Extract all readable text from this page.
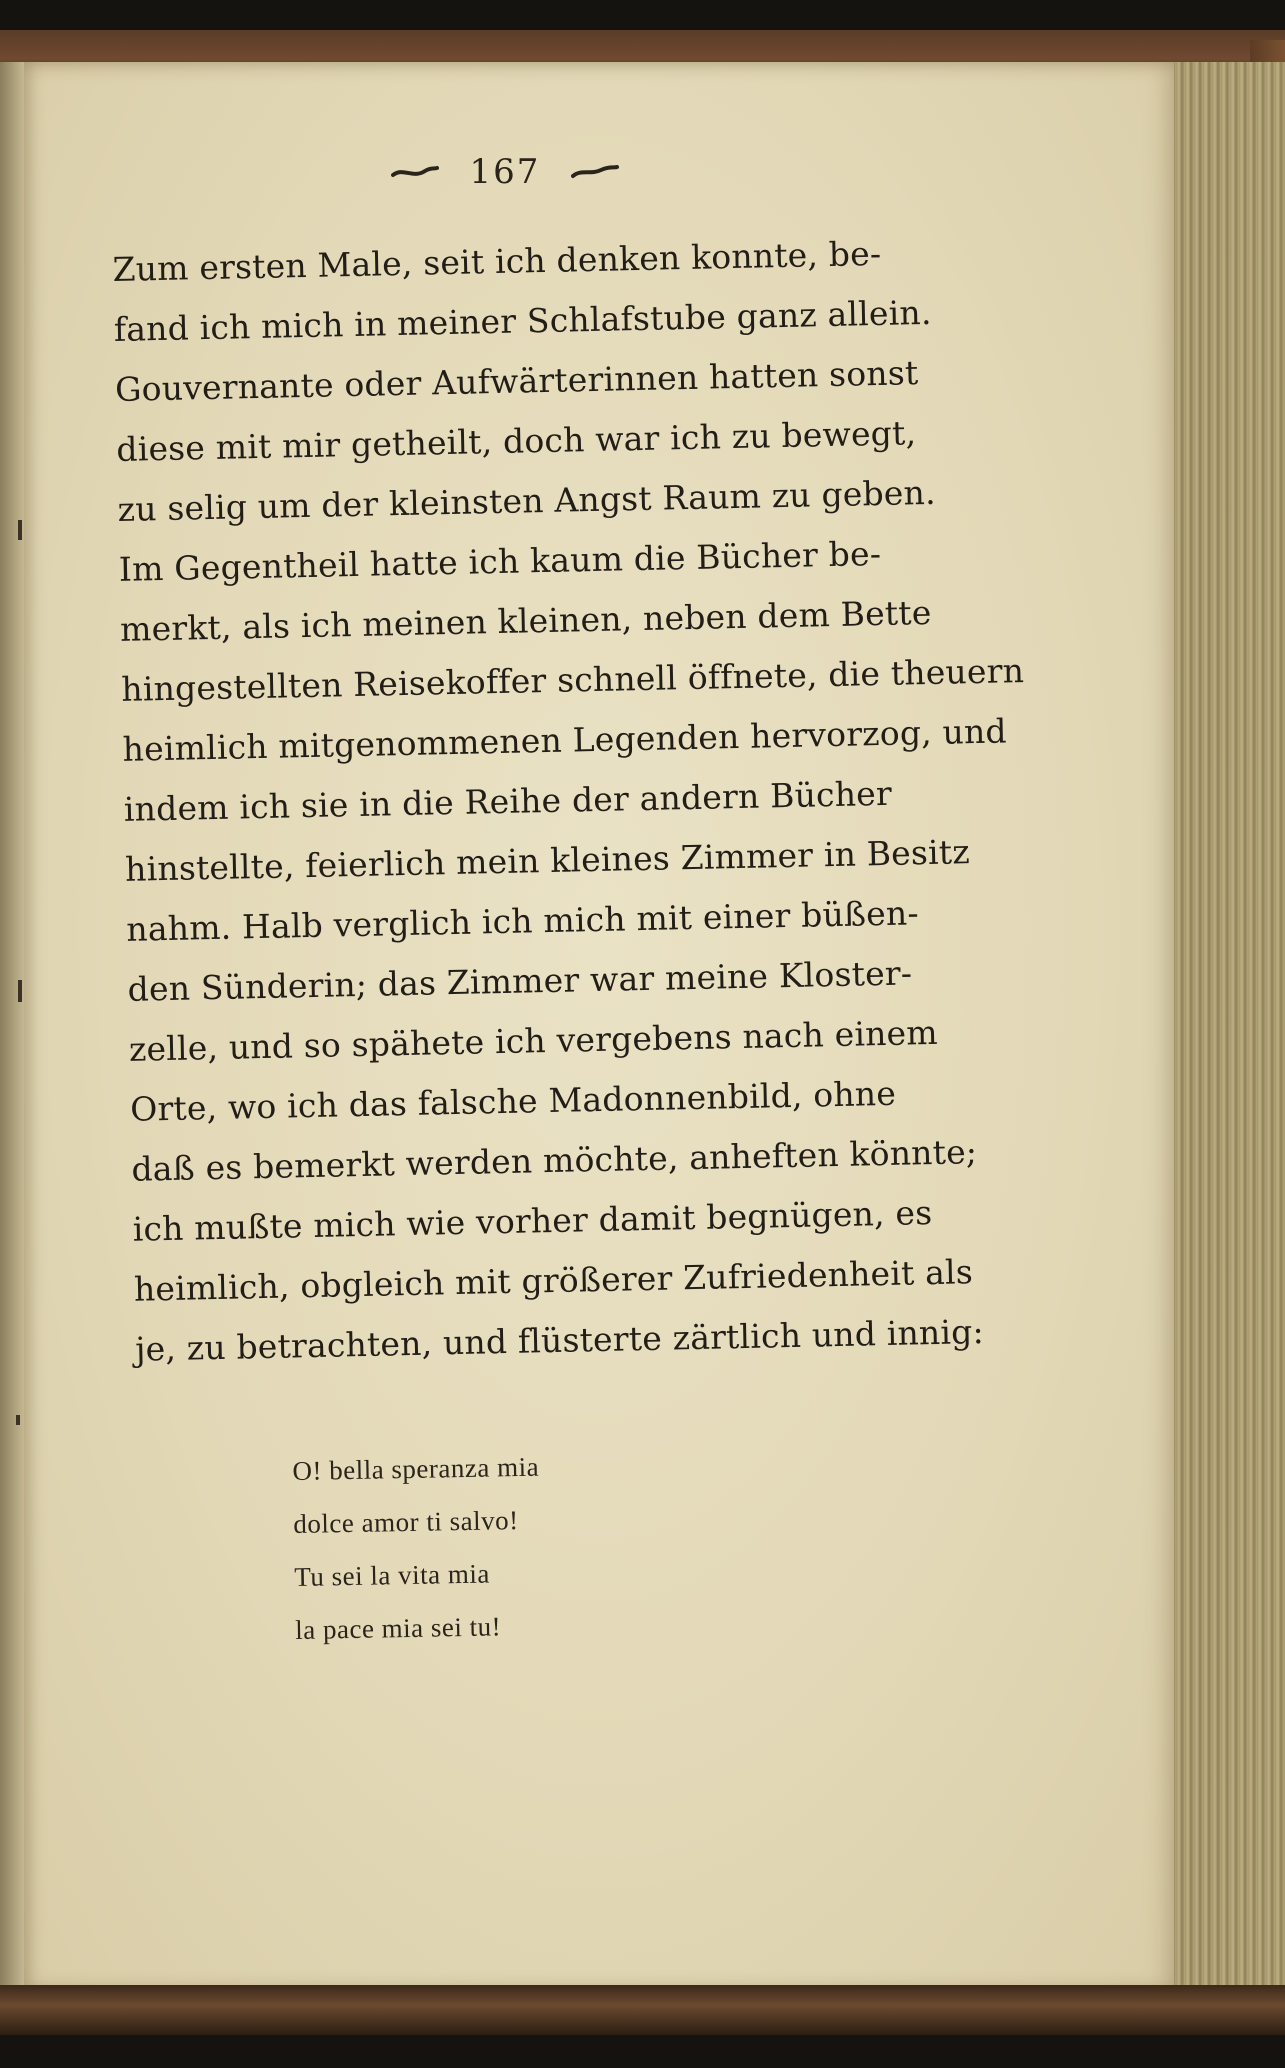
167
Zum ersten Male, seit ich denken konnte, be-
fand ich mich in meiner Schlafstube ganz allein.
Gouvernante oder Aufwärterinnen hatten sonst
diese mit mir getheilt, doch war ich zu bewegt,
zu selig um der kleinsten Angst Raum zu geben.
Im Gegentheil hatte ich kaum die Bücher be-
merkt, als ich meinen kleinen, neben dem Bette
hingestellten Reisekoffer schnell öffnete, die theuern
heimlich mitgenommenen Legenden hervorzog, und
indem ich sie in die Reihe der andern Bücher
hinstellte, feierlich mein kleines Zimmer in Besitz
nahm. Halb verglich ich mich mit einer büßen-
den Sünderin; das Zimmer war meine Kloster-
zelle, und so spähete ich vergebens nach einem
Orte, wo ich das falsche Madonnenbild, ohne
daß es bemerkt werden möchte, anheften könnte;
ich mußte mich wie vorher damit begnügen, es
heimlich, obgleich mit größerer Zufriedenheit als
je, zu betrachten, und flüsterte zärtlich und innig:
O! bella speranza mia
dolce amor ti salvo!
Tu sei la vita mia
la pace mia sei tu!
